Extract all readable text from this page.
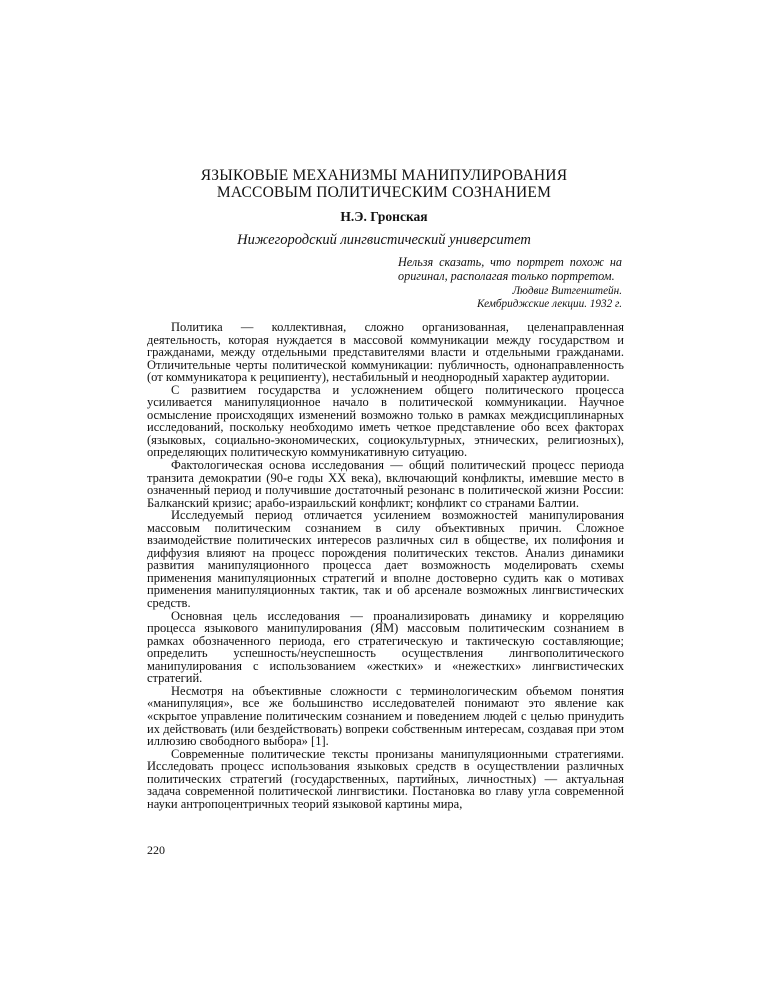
ЯЗЫКОВЫЕ МЕХАНИЗМЫ МАНИПУЛИРОВАНИЯ
МАССОВЫМ ПОЛИТИЧЕСКИМ СОЗНАНИЕМ
Н.Э. Гронская
Нижегородский лингвистический университет

Нельзя сказать, что портрет похож на оригинал, располагая только портретом.

Людвиг Витгенштейн.
Кембриджские лекции. 1932 г.

Политика — коллективная, сложно организованная, целенаправленная деятельность, которая нуждается в массовой коммуникации между государством и гражданами, между отдельными представителями власти и отдельными гражданами. Отличительные черты политической коммуникации: публичность, однонаправленность (от коммуникатора к реципиенту), нестабильный и неоднородный характер аудитории.

С развитием государства и усложнением общего политического процесса усиливается манипуляционное начало в политической коммуникации. Научное осмысление происходящих изменений возможно только в рамках междисциплинарных исследований, поскольку необходимо иметь четкое представление обо всех факторах (языковых, социально-экономических, социокультурных, этнических, религиозных), определяющих политическую коммуникативную ситуацию.

Фактологическая основа исследования — общий политический процесс периода транзита демократии (90-е годы XX века), включающий конфликты, имевшие место в означенный период и получившие достаточный резонанс в политической жизни России: Балканский кризис; арабо-израильский конфликт; конфликт со странами Балтии.

Исследуемый период отличается усилением возможностей манипулирования массовым политическим сознанием в силу объективных причин. Сложное взаимодействие политических интересов различных сил в обществе, их полифония и диффузия влияют на процесс порождения политических текстов. Анализ динамики развития манипуляционного процесса дает возможность моделировать схемы применения манипуляционных стратегий и вполне достоверно судить как о мотивах применения манипуляционных тактик, так и об арсенале возможных лингвистических средств.

Основная цель исследования — проанализировать динамику и корреляцию процесса языкового манипулирования (ЯМ) массовым политическим сознанием в рамках обозначенного периода, его стратегическую и тактическую составляющие; определить успешность/неуспешность осуществления лингвополитического манипулирования с использованием «жестких» и «нежестких» лингвистических стратегий.

Несмотря на объективные сложности с терминологическим объемом понятия «манипуляция», все же большинство исследователей понимают это явление как «скрытое управление политическим сознанием и поведением людей с целью принудить их действовать (или бездействовать) вопреки собственным интересам, создавая при этом иллюзию свободного выбора» [1].

Современные политические тексты пронизаны манипуляционными стратегиями. Исследовать процесс использования языковых средств в осуществлении различных политических стратегий (государственных, партийных, личностных) — актуальная задача современной политической лингвистики. Постановка во главу угла современной науки антропоцентричных теорий языковой картины мира,

220
